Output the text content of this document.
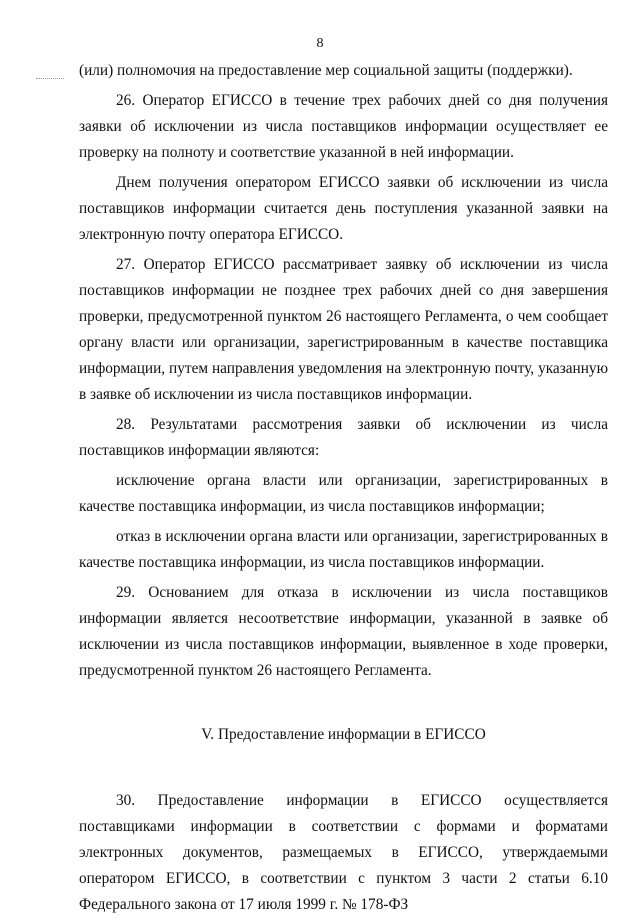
8

(или) полномочия на предоставление мер социальной защиты (поддержки).

26. Оператор ЕГИССО в течение трех рабочих дней со дня получения заявки об исключении из числа поставщиков информации осуществляет ее проверку на полноту и соответствие указанной в ней информации.

Днем получения оператором ЕГИССО заявки об исключении из числа поставщиков информации считается день поступления указанной заявки на электронную почту оператора ЕГИССО.

27. Оператор ЕГИССО рассматривает заявку об исключении из числа поставщиков информации не позднее трех рабочих дней со дня завершения проверки, предусмотренной пунктом 26 настоящего Регламента, о чем сообщает органу власти или организации, зарегистрированным в качестве поставщика информации, путем направления уведомления на электронную почту, указанную в заявке об исключении из числа поставщиков информации.

28. Результатами рассмотрения заявки об исключении из числа поставщиков информации являются:

исключение органа власти или организации, зарегистрированных в качестве поставщика информации, из числа поставщиков информации;

отказ в исключении органа власти или организации, зарегистрированных в качестве поставщика информации, из числа поставщиков информации.

29. Основанием для отказа в исключении из числа поставщиков информации является несоответствие информации, указанной в заявке об исключении из числа поставщиков информации, выявленное в ходе проверки, предусмотренной пунктом 26 настоящего Регламента.

V. Предоставление информации в ЕГИССО

30. Предоставление информации в ЕГИССО осуществляется поставщиками информации в соответствии с формами и форматами электронных документов, размещаемых в ЕГИССО, утверждаемыми оператором ЕГИССО, в соответствии с пунктом 3 части 2 статьи 6.10 Федерального закона от 17 июля 1999 г. № 178-ФЗ
